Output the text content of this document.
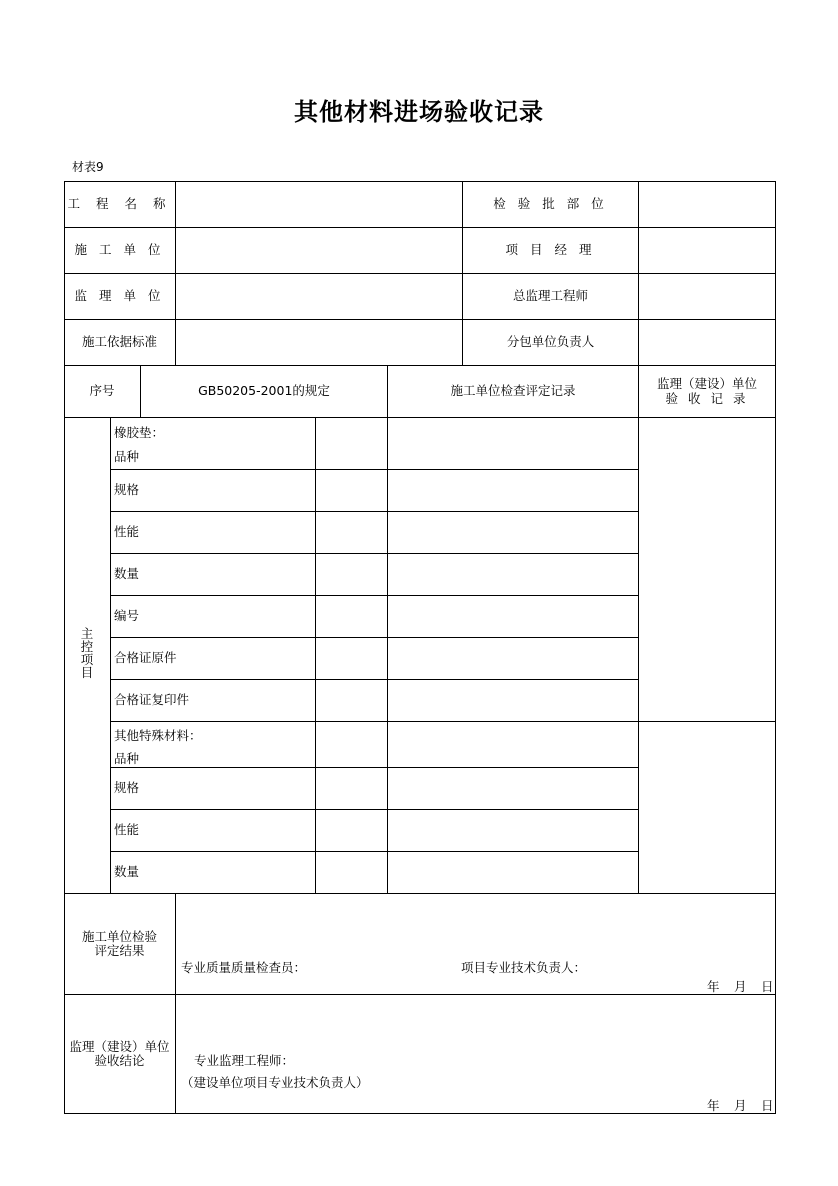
其他材料进场验收记录
材表9
工 程 名 称	检 验 批 部 位
施 工 单 位	项 目 经 理
监 理 单 位	总监理工程师
施工依据标准	分包单位负责人
序号	GB50205-2001的规定	施工单位检查评定记录	监理（建设）单位
验 收 记 录
主控项目
橡胶垫：
品种
规格
性能
数量
编号
合格证原件
合格证复印件
其他特殊材料：
品种
规格
性能
数量
施工单位检验
评定结果
专业质量质量检查员：	项目专业技术负责人：
年 月 日
监理（建设）单位
验收结论	专业监理工程师：
（建设单位项目专业技术负责人）
年 月 日
